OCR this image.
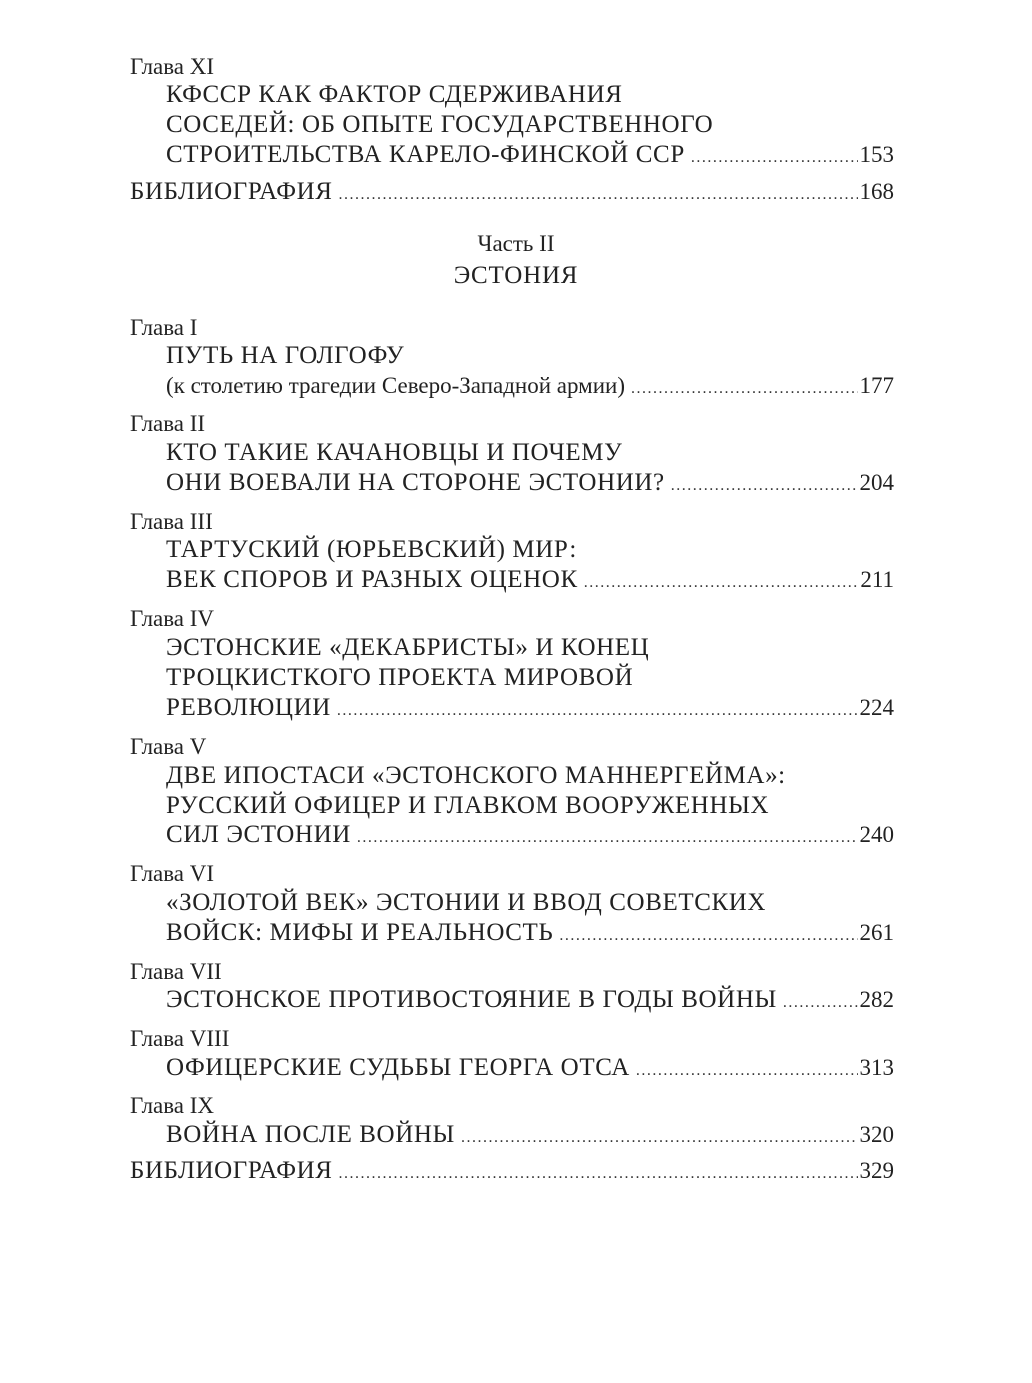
Глава XI
КФССР КАК ФАКТОР СДЕРЖИВАНИЯ
СОСЕДЕЙ: ОБ ОПЫТЕ ГОСУДАРСТВЕННОГО
СТРОИТЕЛЬСТВА КАРЕЛО-ФИНСКОЙ ССР .....	153
БИБЛИОГРАФИЯ .....	168
Часть II
ЭСТОНИЯ
Глава I
ПУТЬ НА ГОЛГОФУ
(к столетию трагедии Северо-Западной армии) .....	177
Глава II
КТО ТАКИЕ КАЧАНОВЦЫ И ПОЧЕМУ
ОНИ ВОЕВАЛИ НА СТОРОНЕ ЭСТОНИИ? .....	204
Глава III
ТАРТУСКИЙ (ЮРЬЕВСКИЙ) МИР:
ВЕК СПОРОВ И РАЗНЫХ ОЦЕНОК .....	211
Глава IV
ЭСТОНСКИЕ «ДЕКАБРИСТЫ» И КОНЕЦ
ТРОЦКИСТКОГО ПРОЕКТА МИРОВОЙ
РЕВОЛЮЦИИ .....	224
Глава V
ДВЕ ИПОСТАСИ «ЭСТОНСКОГО МАННЕРГЕЙМА»:
РУССКИЙ ОФИЦЕР И ГЛАВКОМ ВООРУЖЕННЫХ
СИЛ ЭСТОНИИ .....	240
Глава VI
«ЗОЛОТОЙ ВЕК» ЭСТОНИИ И ВВОД СОВЕТСКИХ
ВОЙСК: МИФЫ И РЕАЛЬНОСТЬ .....	261
Глава VII
ЭСТОНСКОЕ ПРОТИВОСТОЯНИЕ В ГОДЫ ВОЙНЫ .....	282
Глава VIII
ОФИЦЕРСКИЕ СУДЬБЫ ГЕОРГА ОТСА .....	313
Глава IX
ВОЙНА ПОСЛЕ ВОЙНЫ .....	320
БИБЛИОГРАФИЯ .....	329
